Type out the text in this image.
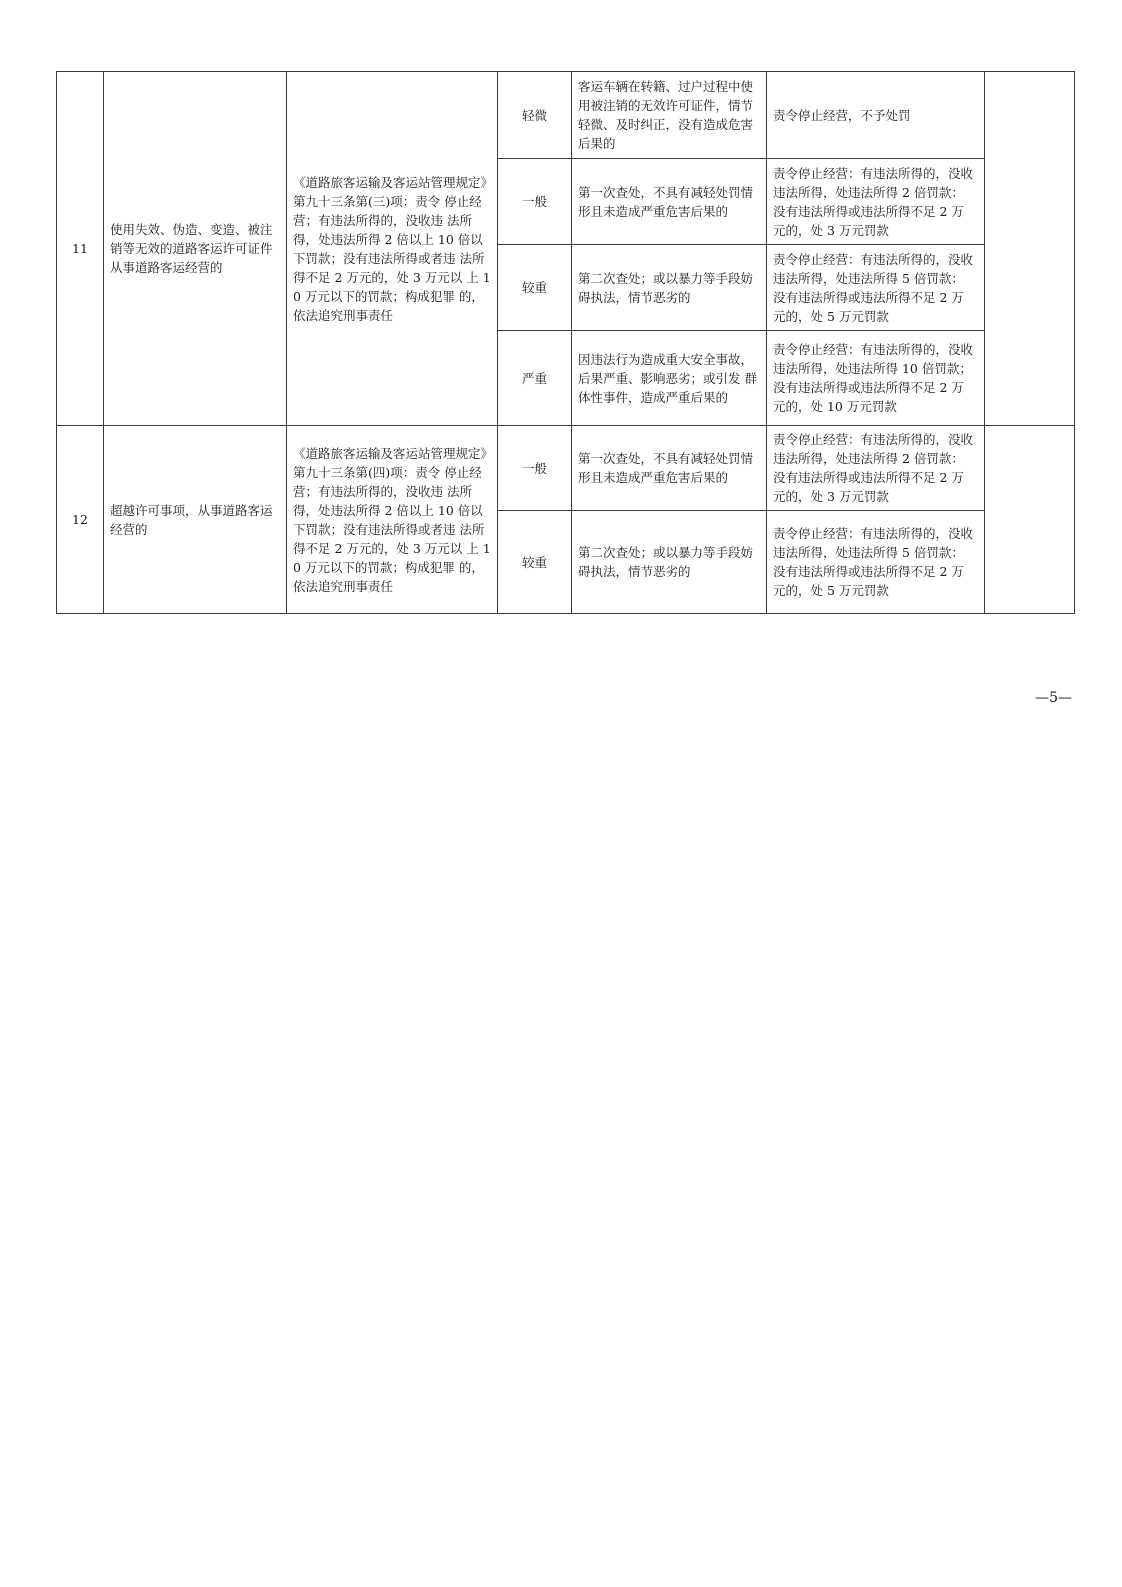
11	使用失效、伪造、变造、被注 销等无效的道路客运许可证件从事道路客运经营的	《道路旅客运输及客运站管理规定》第九十三条第(三)项：责令 停止经营；有违法所得的，没收违 法所得，处违法所得 2 倍以上 10 倍以下罚款；没有违法所得或者违 法所得不足 2 万元的，处 3 万元以 上 10 万元以下的罚款；构成犯罪 的，依法追究刑事责任	轻微	客运车辆在转籍、过户过程中使用被注销的无效许可证件，情节轻微、及时纠正，没有造成危害后果的	责令停止经营，不予处罚	
			一般	第一次查处，不具有减轻处罚情形且未造成严重危害后果的	责令停止经营：有违法所得的，没收违法所得，处违法所得 2 倍罚款： 没有违法所得或违法所得不足 2 万 元的，处 3 万元罚款	
			较重	第二次查处；或以暴力等手段妨碍执法，情节恶劣的	责令停止经营：有违法所得的，没收违法所得，处违法所得 5 倍罚款： 没有违法所得或违法所得不足 2 万 元的，处 5 万元罚款	
			严重	因违法行为造成重大安全事故， 后果严重、影响恶劣；或引发 群体性事件，造成严重后果的	责令停止经营：有违法所得的，没收违法所得，处违法所得 10 倍罚款；没有违法所得或违法所得不足 2 万 元的，处 10 万元罚款	
12	超越许可事项，从事道路客运经营的	《道路旅客运输及客运站管理规定》第九十三条第(四)项：责令 停止经营；有违法所得的，没收违 法所得，处违法所得 2 倍以上 10 倍以下罚款；没有违法所得或者违 法所得不足 2 万元的，处 3 万元以 上 10 万元以下的罚款；构成犯罪 的，依法追究刑事责任	一般	第一次查处，不具有减轻处罚情形且未造成严重危害后果的	责令停止经营：有违法所得的，没收违法所得，处违法所得 2 倍罚款： 没有违法所得或违法所得不足 2 万 元的，处 3 万元罚款	
			较重	第二次查处；或以暴力等手段妨碍执法，情节恶劣的	责令停止经营：有违法所得的，没收违法所得，处违法所得 5 倍罚款： 没有违法所得或违法所得不足 2 万 元的，处 5 万元罚款	
—5—
